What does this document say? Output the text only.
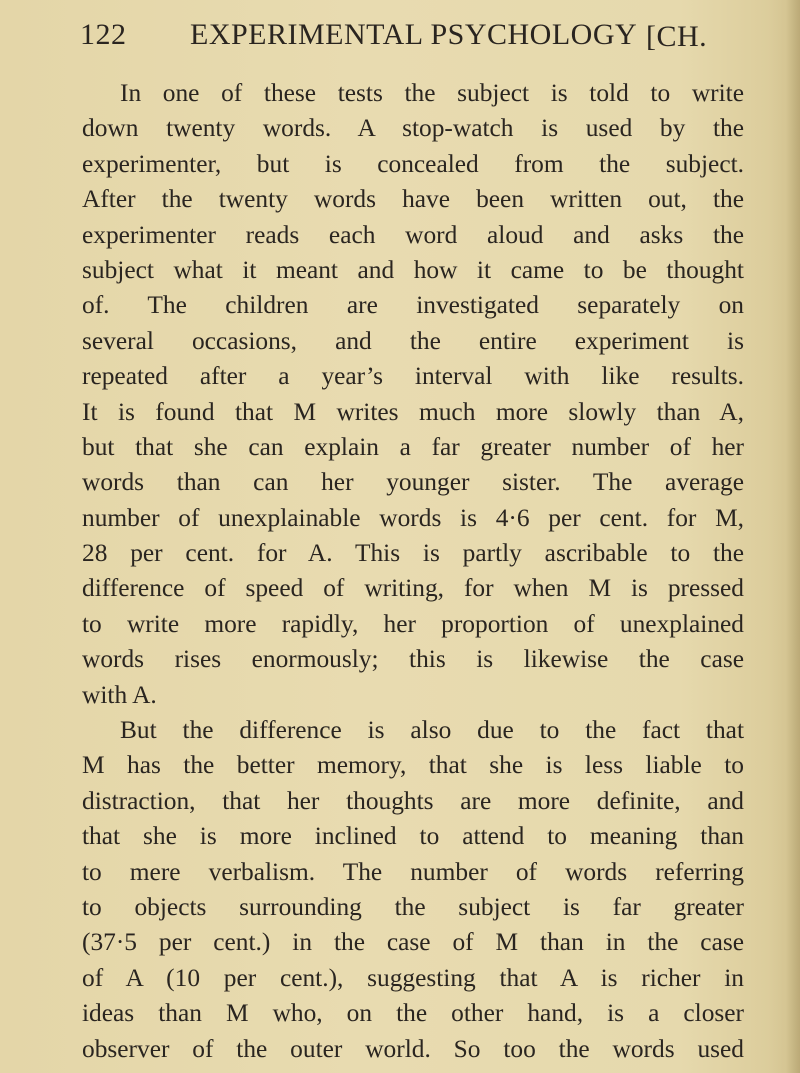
122 EXPERIMENTAL PSYCHOLOGY [CH.
In one of these tests the subject is told to write
down twenty words. A stop-watch is used by the
experimenter, but is concealed from the subject.
After the twenty words have been written out, the
experimenter reads each word aloud and asks the
subject what it meant and how it came to be thought
of. The children are investigated separately on
several occasions, and the entire experiment is
repeated after a year’s interval with like results.
It is found that M writes much more slowly than A,
but that she can explain a far greater number of her
words than can her younger sister. The average
number of unexplainable words is 4·6 per cent. for M,
28 per cent. for A. This is partly ascribable to the
difference of speed of writing, for when M is pressed
to write more rapidly, her proportion of unexplained
words rises enormously; this is likewise the case
with A.
But the difference is also due to the fact that
M has the better memory, that she is less liable to
distraction, that her thoughts are more definite, and
that she is more inclined to attend to meaning than
to mere verbalism. The number of words referring
to objects surrounding the subject is far greater
(37·5 per cent.) in the case of M than in the case
of A (10 per cent.), suggesting that A is richer in
ideas than M who, on the other hand, is a closer
observer of the outer world. So too the words used
